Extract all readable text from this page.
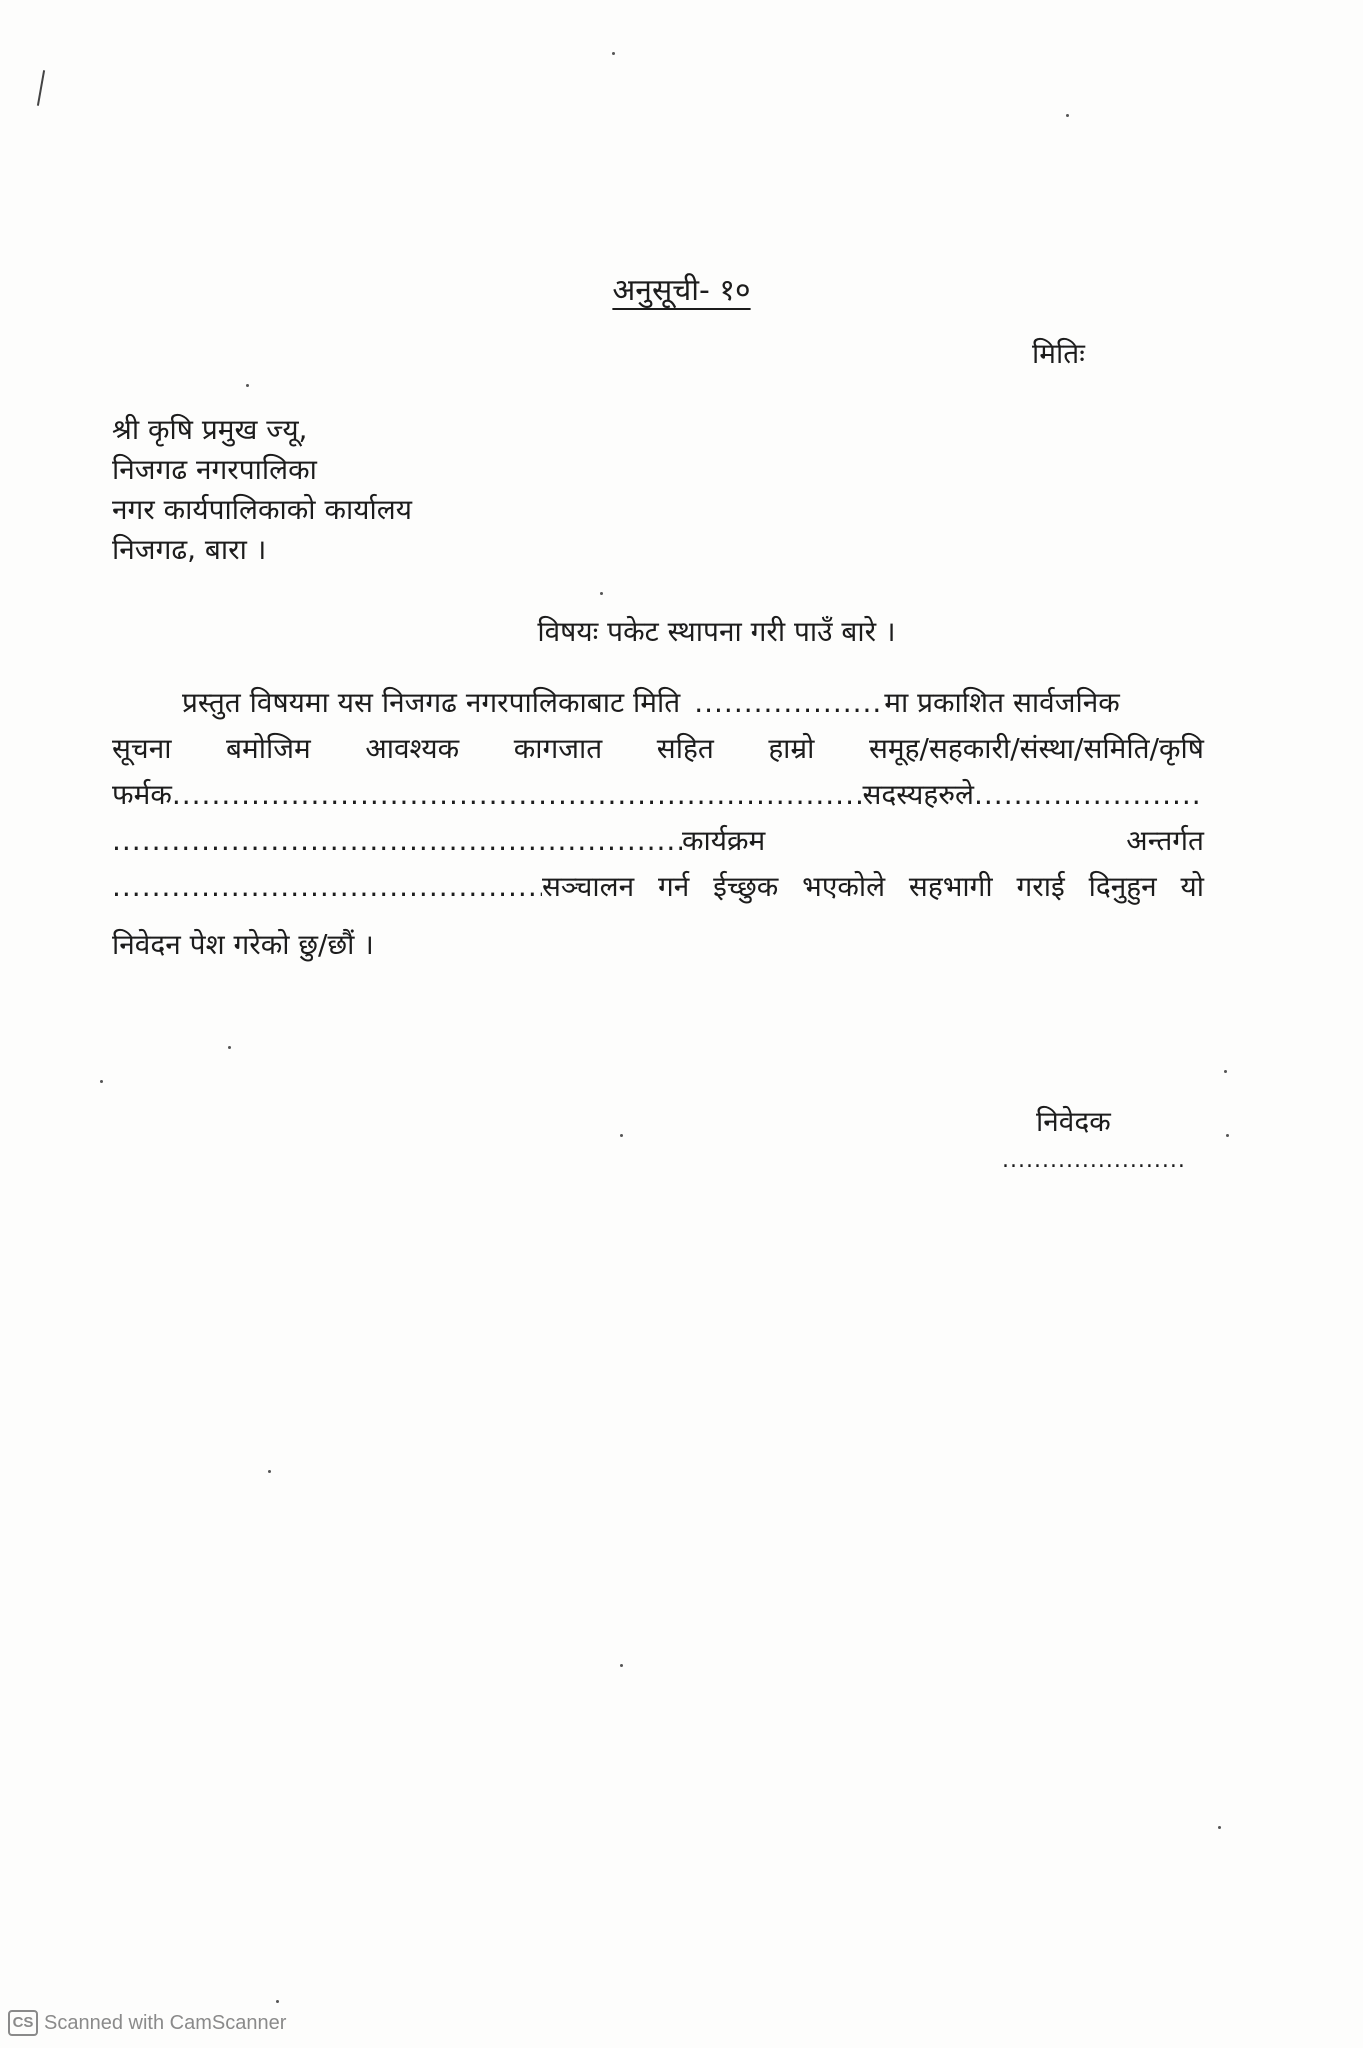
अनुसूची- १०
मितिः
श्री कृषि प्रमुख ज्यू,
निजगढ नगरपालिका
नगर कार्यपालिकाको कार्यालय
निजगढ, बारा ।
विषयः पकेट स्थापना गरी पाउँ बारे ।
प्रस्तुत विषयमा यस निजगढ नगरपालिकाबाट मिति .....	मा प्रकाशित सार्वजनिक
सूचना बमोजिम आवश्यक कागजात सहित हाम्रो समूह/सहकारी/संस्था/समिति/कृषि
फर्मक .....	सदस्यहरुले
.....
.....
कार्यक्रम	अन्तर्गत
.....
सञ्चालन गर्न ईच्छुक भएकोले सहभागी गराई दिनुहुन यो
निवेदन पेश गरेको छु/छौं ।
निवेदक
.......................
CS Scanned with CamScanner
